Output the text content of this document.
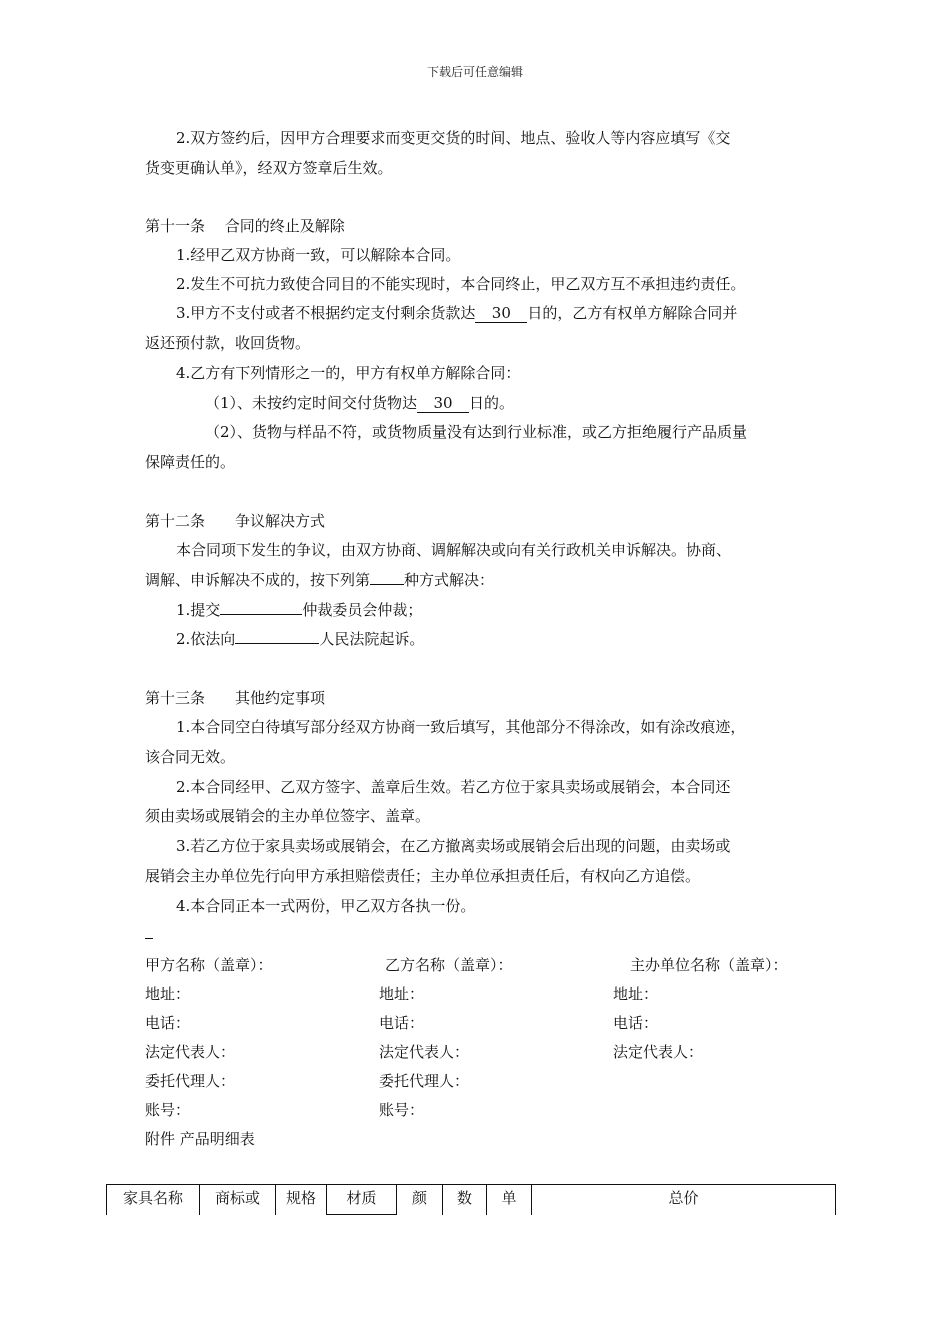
下载后可任意编辑
2.双方签约后，因甲方合理要求而变更交货的时间、地点、验收人等内容应填写《交
货变更确认单》，经双方签章后生效。
第十一条　 合同的终止及解除
1.经甲乙双方协商一致，可以解除本合同。
2.发生不可抗力致使合同目的不能实现时，本合同终止，甲乙双方互不承担违约责任。
3.甲方不支付或者不根据约定支付剩余货款达 30 日的，乙方有权单方解除合同并
返还预付款，收回货物。
4.乙方有下列情形之一的，甲方有权单方解除合同：
（1）、未按约定时间交付货物达 30 日的。
（2）、货物与样品不符，或货物质量没有达到行业标准，或乙方拒绝履行产品质量
保障责任的。
第十二条　　争议解决方式
本合同项下发生的争议，由双方协商、调解解决或向有关行政机关申诉解决。协商、
调解、申诉解决不成的，按下列第 种方式解决：
1.提交	仲裁委员会仲裁；
2.依法向	人民法院起诉。
第十三条　　其他约定事项
1.本合同空白待填写部分经双方协商一致后填写，其他部分不得涂改，如有涂改痕迹，
该合同无效。
2.本合同经甲、乙双方签字、盖章后生效。若乙方位于家具卖场或展销会，本合同还
须由卖场或展销会的主办单位签字、盖章。
3.若乙方位于家具卖场或展销会，在乙方撤离卖场或展销会后出现的问题，由卖场或
展销会主办单位先行向甲方承担赔偿责任；主办单位承担责任后，有权向乙方追偿。
4.本合同正本一式两份，甲乙双方各执一份。
甲方名称（盖章）：	乙方名称（盖章）：	主办单位名称（盖章）：
地址：	地址：	地址：
电话：	电话：	电话：
法定代表人：	法定代表人：	法定代表人：
委托代理人：	委托代理人：
账号：	账号：
附件 产品明细表
家具名称	商标或	规格	材质	颜	数	单	总价
